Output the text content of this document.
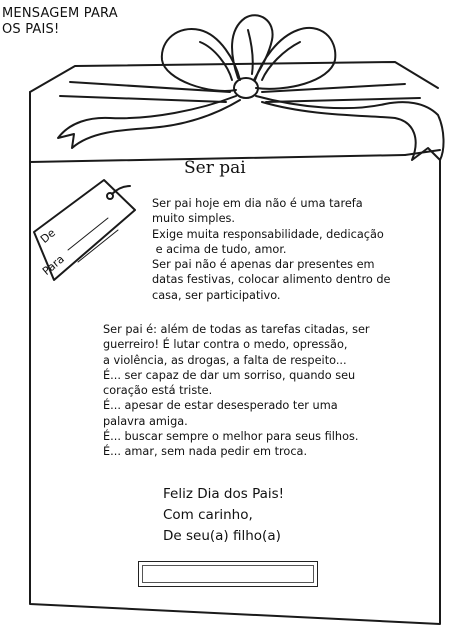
MENSAGEM PARA
OS PAIS!
De
Para
Ser pai
Ser pai hoje em dia não é uma tarefa
muito simples.
Exige muita responsabilidade, dedicação
e acima de tudo, amor.
Ser pai não é apenas dar presentes em
datas festivas, colocar alimento dentro de
casa, ser participativo.
Ser pai é: além de todas as tarefas citadas, ser
guerreiro! É lutar contra o medo, opressão,
a violência, as drogas, a falta de respeito...
É... ser capaz de dar um sorriso, quando seu
coração está triste.
É... apesar de estar desesperado ter uma
palavra amiga.
É... buscar sempre o melhor para seus filhos.
É... amar, sem nada pedir em troca.
Feliz Dia dos Pais!
Com carinho,
De seu(a) filho(a)
